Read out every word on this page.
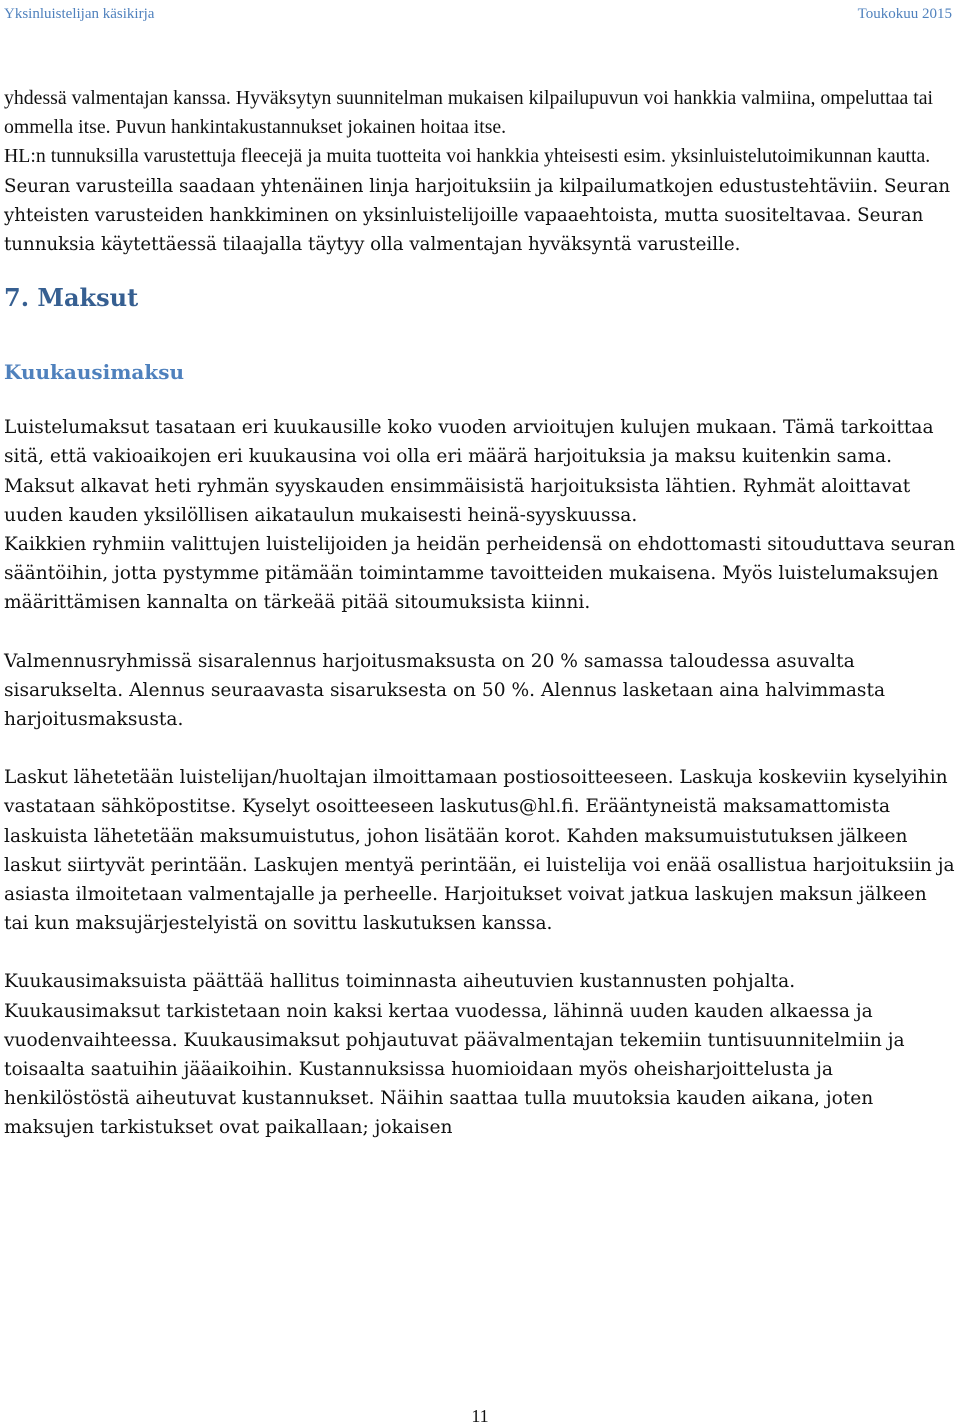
Yksinluistelijan käsikirja	Toukokuu 2015

yhdessä valmentajan kanssa. Hyväksytyn suunnitelman mukaisen kilpailupuvun voi hankkia valmiina, ompeluttaa tai ommella itse. Puvun hankintakustannukset jokainen hoitaa itse.

HL:n tunnuksilla varustettuja fleecejä ja muita tuotteita voi hankkia yhteisesti esim. yksinluistelutoimikunnan kautta. Seuran varusteilla saadaan yhtenäinen linja harjoituksiin ja kilpailumatkojen edustustehtäviin. Seuran yhteisten varusteiden hankkiminen on yksinluistelijoille vapaaehtoista, mutta suositeltavaa. Seuran tunnuksia käytettäessä tilaajalla täytyy olla valmentajan hyväksyntä varusteille.

7. Maksut
Kuukausimaksu

Luistelumaksut tasataan eri kuukausille koko vuoden arvioitujen kulujen mukaan. Tämä tarkoittaa sitä, että vakioaikojen eri kuukausina voi olla eri määrä harjoituksia ja maksu kuitenkin sama. Maksut alkavat heti ryhmän syyskauden ensimmäisistä harjoituksista lähtien. Ryhmät aloittavat uuden kauden yksilöllisen aikataulun mukaisesti heinä-syyskuussa.

Kaikkien ryhmiin valittujen luistelijoiden ja heidän perheidensä on ehdottomasti sitouduttava seuran sääntöihin, jotta pystymme pitämään toimintamme tavoitteiden mukaisena. Myös luistelumaksujen määrittämisen kannalta on tärkeää pitää sitoumuksista kiinni.

Valmennusryhmissä sisaralennus harjoitusmaksusta on 20 % samassa taloudessa asuvalta sisarukselta. Alennus seuraavasta sisaruksesta on 50 %. Alennus lasketaan aina halvimmasta harjoitusmaksusta.

Laskut lähetetään luistelijan/huoltajan ilmoittamaan postiosoitteeseen. Laskuja koskeviin kyselyihin vastataan sähköpostitse. Kyselyt osoitteeseen laskutus@hl.fi. Erääntyneistä maksamattomista laskuista lähetetään maksumuistutus, johon lisätään korot. Kahden maksumuistutuksen jälkeen laskut siirtyvät perintään. Laskujen mentyä perintään, ei luistelija voi enää osallistua harjoituksiin ja asiasta ilmoitetaan valmentajalle ja perheelle. Harjoitukset voivat jatkua laskujen maksun jälkeen tai kun maksujärjestelyistä on sovittu laskutuksen kanssa.

Kuukausimaksuista päättää hallitus toiminnasta aiheutuvien kustannusten pohjalta. Kuukausimaksut tarkistetaan noin kaksi kertaa vuodessa, lähinnä uuden kauden alkaessa ja vuodenvaihteessa. Kuukausimaksut pohjautuvat päävalmentajan tekemiin tuntisuunnitelmiin ja toisaalta saatuihin jääaikoihin. Kustannuksissa huomioidaan myös oheisharjoittelusta ja henkilöstöstä aiheutuvat kustannukset. Näihin saattaa tulla muutoksia kauden aikana, joten maksujen tarkistukset ovat paikallaan; jokaisen

11
